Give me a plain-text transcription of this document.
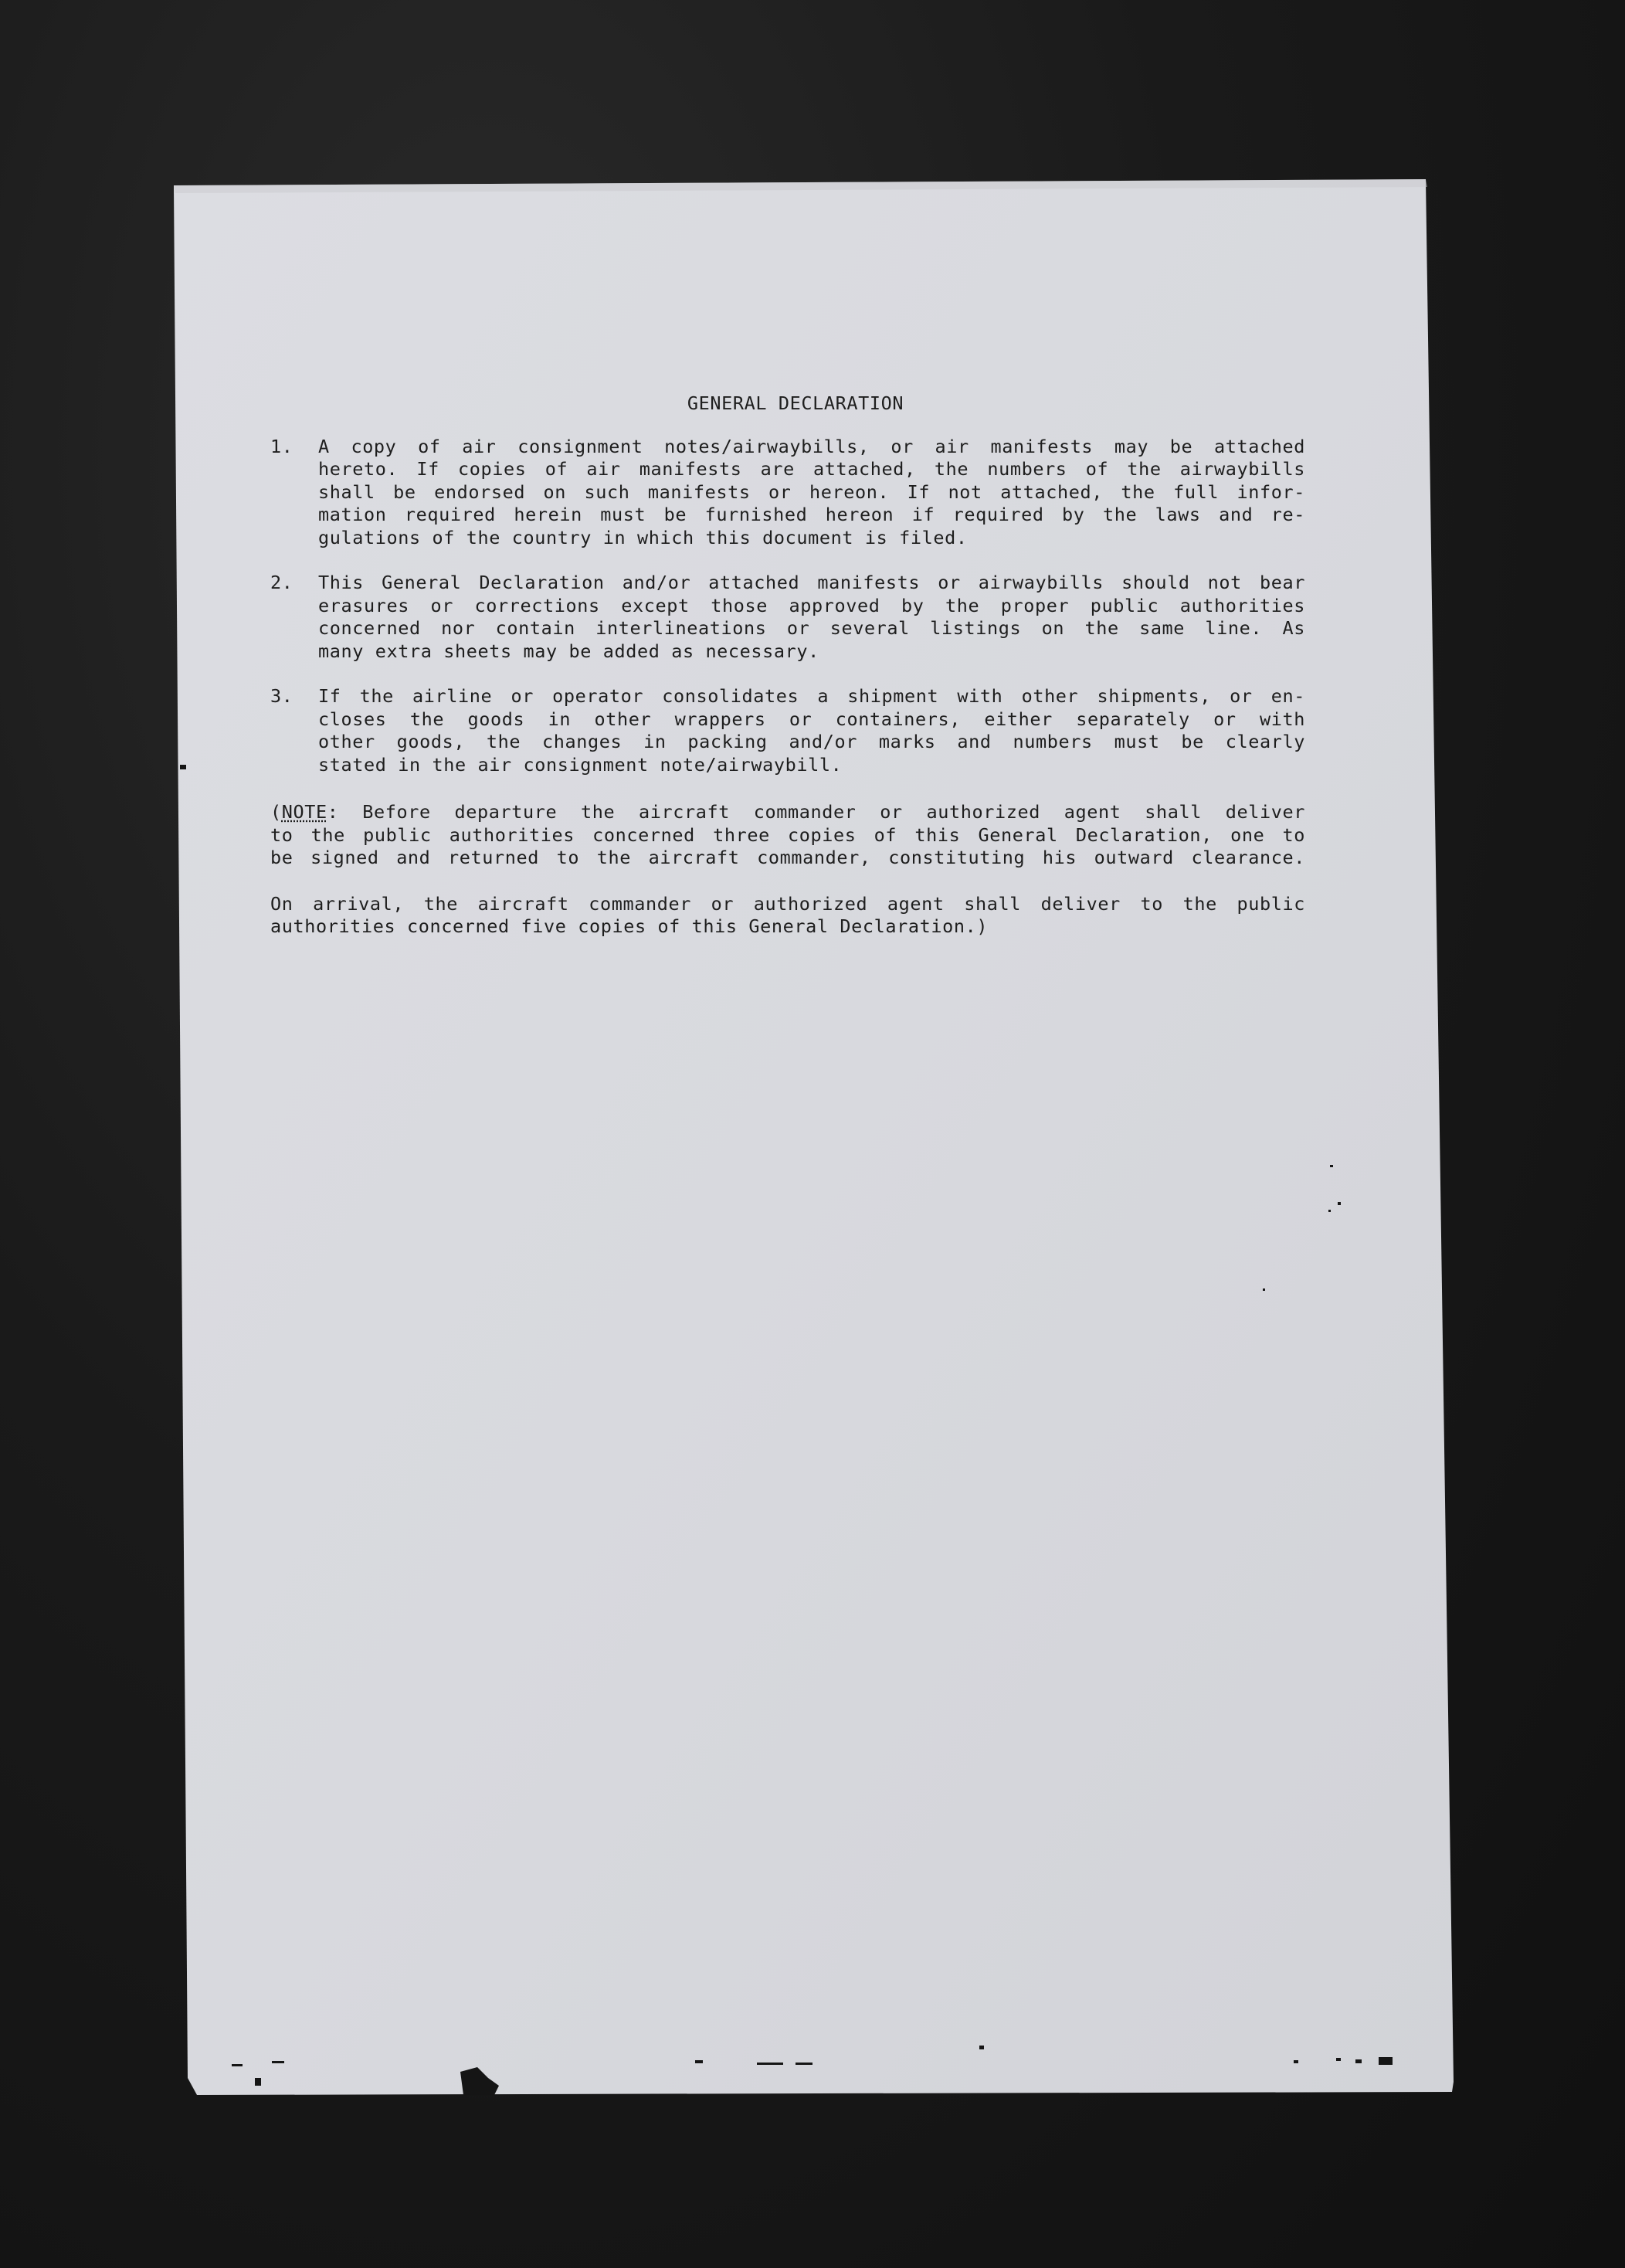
GENERAL DECLARATION
1.	A copy of air consignment notes/airwaybills, or air manifests may be attached
hereto. If copies of air manifests are attached, the numbers of the airwaybills
shall be endorsed on such manifests or hereon. If not attached, the full infor-
mation required herein must be furnished hereon if required by the laws and re-
gulations of the country in which this document is filed.
2.	This General Declaration and/or attached manifests or airwaybills should not bear
erasures or corrections except those approved by the proper public authorities
concerned nor contain interlineations or several listings on the same line. As
many extra sheets may be added as necessary.
3.	If the airline or operator consolidates a shipment with other shipments, or en-
closes the goods in other wrappers or containers, either separately or with
other goods, the changes in packing and/or marks and numbers must be clearly
stated in the air consignment note/airwaybill.
(NOTE: Before departure the aircraft commander or authorized agent shall deliver
to the public authorities concerned three copies of this General Declaration, one to
be signed and returned to the aircraft commander, constituting his outward clearance.
On arrival, the aircraft commander or authorized agent shall deliver to the public
authorities concerned five copies of this General Declaration.)
